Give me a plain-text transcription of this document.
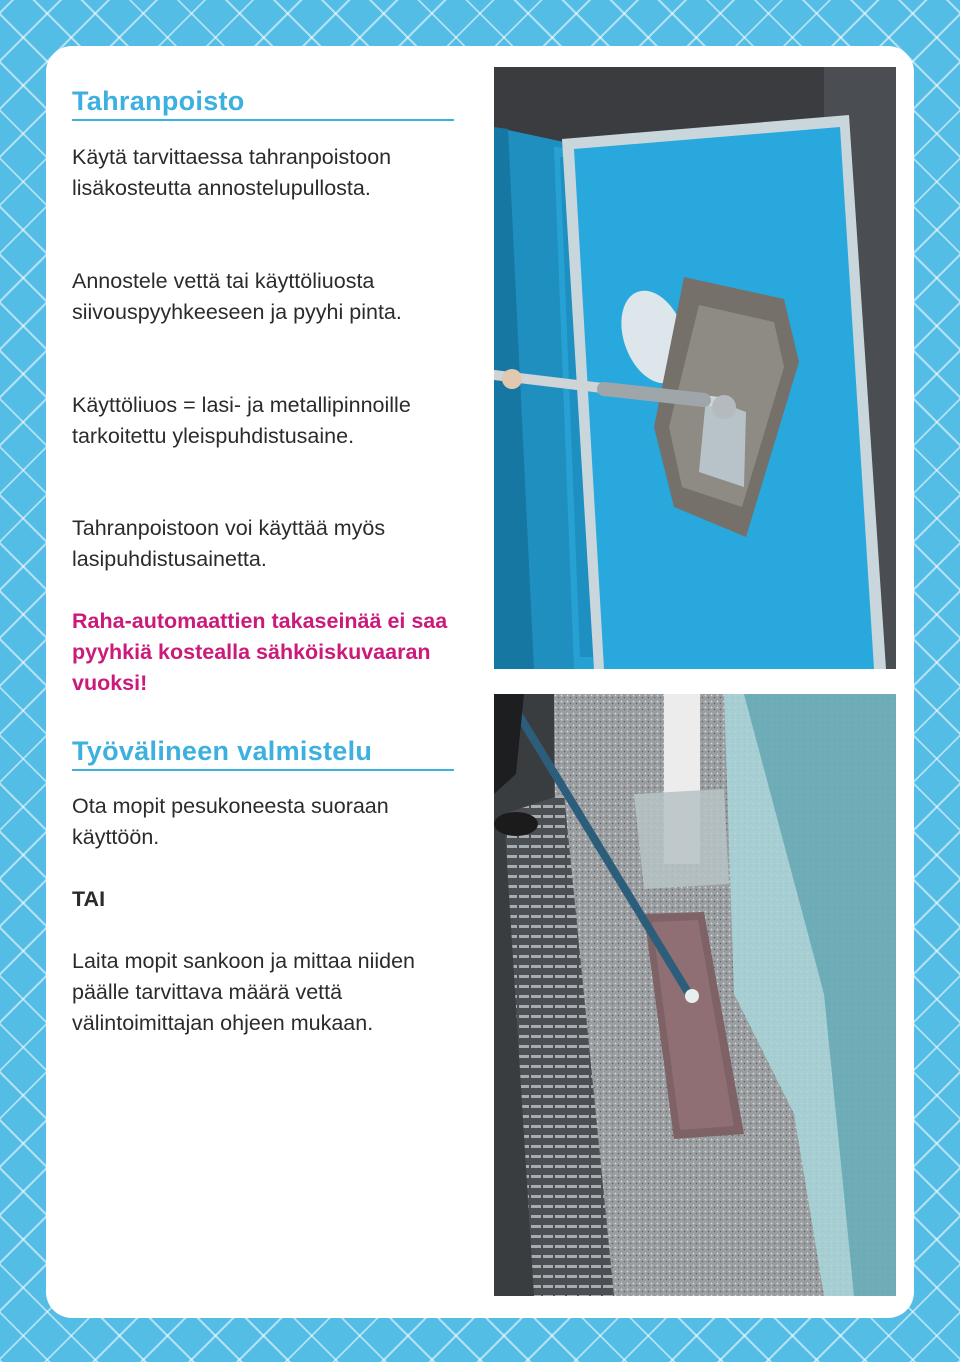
Tahranpoisto

Käytä tarvittaessa tahranpoistoon lisäkosteutta annostelupullosta.

Annostele vettä tai käyttöliuosta siivouspyyhkeeseen ja pyyhi pinta.

Käyttöliuos = lasi- ja metallipinnoille tarkoitettu yleispuhdistusaine.

Tahranpoistoon voi käyttää myös lasipuhdistusainetta.

Raha-automaattien takaseinää ei saa pyyhkiä kostealla sähköiskuvaaran vuoksi!

Työvälineen valmistelu

Ota mopit pesukoneesta suoraan käyttöön.

TAI

Laita mopit sankoon ja mittaa niiden päälle tarvittava määrä vettä välintoimittajan ohjeen mukaan.
